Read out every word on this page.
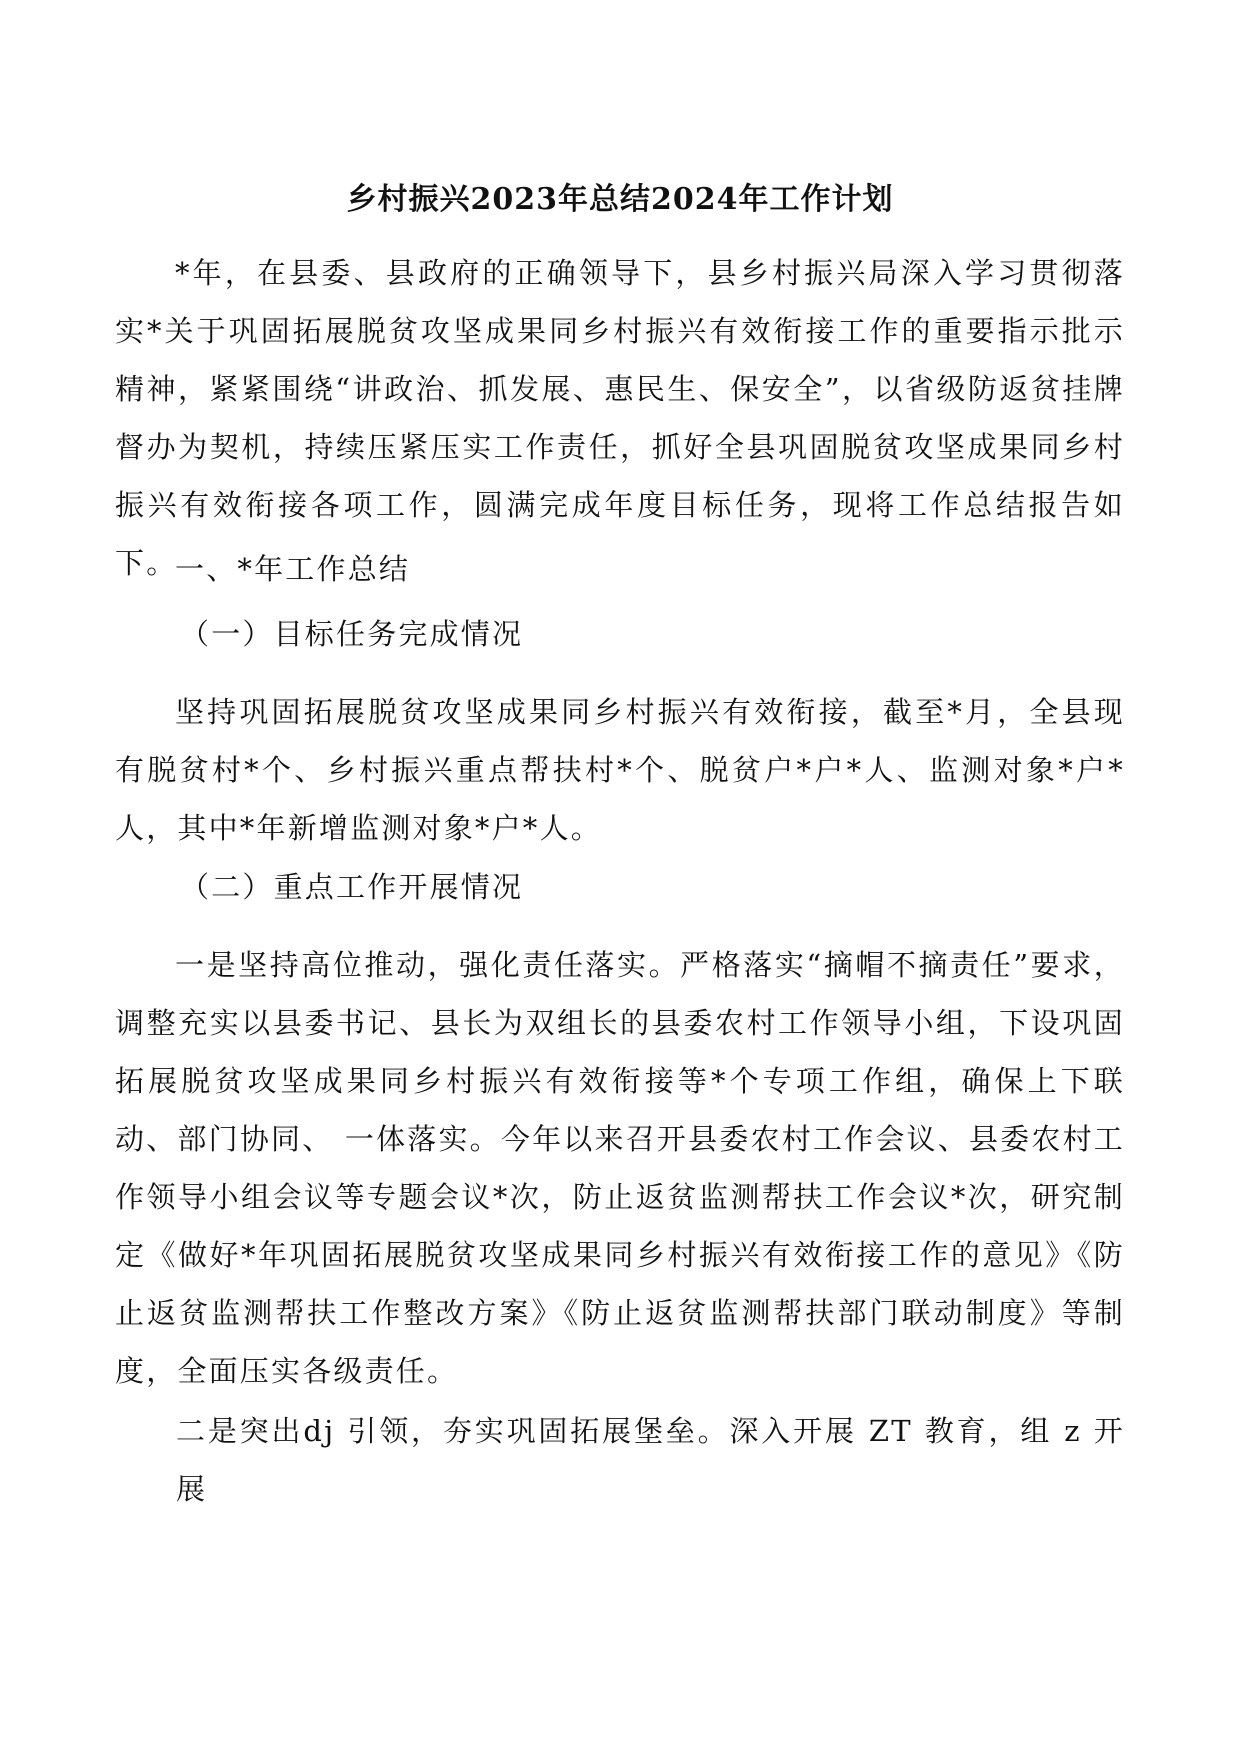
乡村振兴2023年总结2024年工作计划
*年，在县委、县政府的正确领导下，县乡村振兴局深入学习贯彻落实*关于巩固拓展脱贫攻坚成果同乡村振兴有效衔接工作的重要指示批示精神，紧紧围绕“讲政治、抓发展、惠民生、保安全”，以省级防返贫挂牌督办为契机，持续压紧压实工作责任，抓好全县巩固脱贫攻坚成果同乡村振兴有效衔接各项工作，圆满完成年度目标任务，现将工作总结报告如下。
一、*年工作总结
（一）目标任务完成情况
坚持巩固拓展脱贫攻坚成果同乡村振兴有效衔接，截至*月，全县现有脱贫村*个、乡村振兴重点帮扶村*个、脱贫户*户*人、监测对象*户*人，其中*年新增监测对象*户*人。
（二）重点工作开展情况
一是坚持高位推动，强化责任落实。严格落实“摘帽不摘责任”要求，调整充实以县委书记、县长为双组长的县委农村工作领导小组，下设巩固拓展脱贫攻坚成果同乡村振兴有效衔接等*个专项工作组，确保上下联动、部门协同、 一体落实。今年以来召开县委农村工作会议、县委农村工作领导小组会议等专题会议*次，防止返贫监测帮扶工作会议*次，研究制定《做好*年巩固拓展脱贫攻坚成果同乡村振兴有效衔接工作的意见》《防止返贫监测帮扶工作整改方案》《防止返贫监测帮扶部门联动制度》等制度，全面压实各级责任。
二是突出dj 引领，夯实巩固拓展堡垒。深入开展 ZT 教育，组 z 开展
